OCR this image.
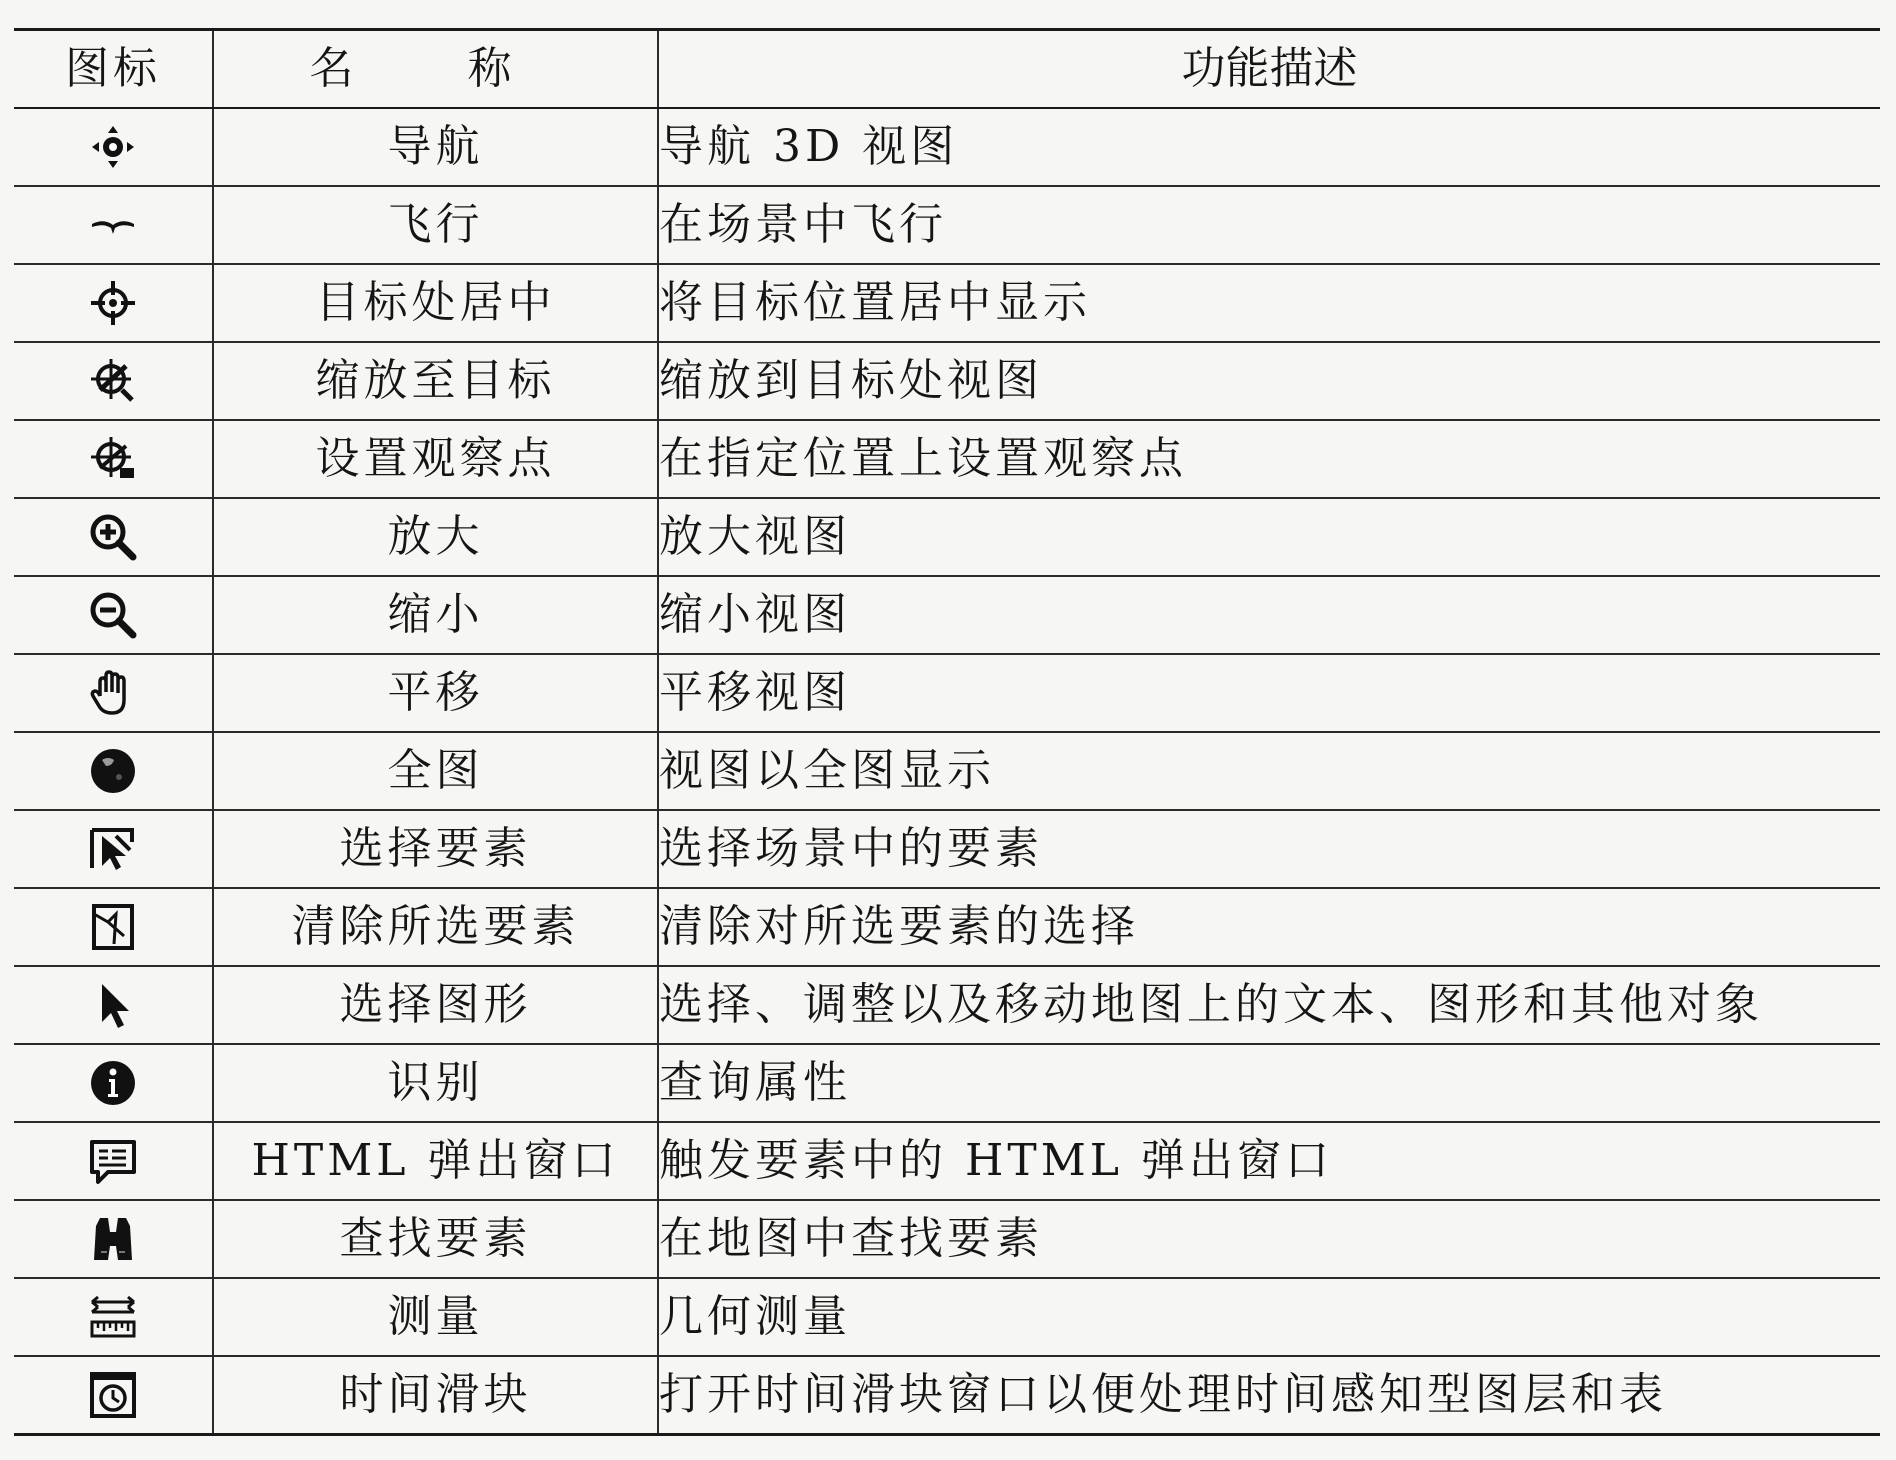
图标	名 称	功能描述

	导航	导航 3D 视图

	飞行	在场景中飞行

	目标处居中	将目标位置居中显示

	缩放至目标	缩放到目标处视图

	设置观察点	在指定位置上设置观察点

	放大	放大视图

	缩小	缩小视图

	平移	平移视图

	全图	视图以全图显示

	选择要素	选择场景中的要素

	清除所选要素	清除对所选要素的选择

	选择图形	选择、调整以及移动地图上的文本、图形和其他对象

	识别	查询属性

	HTML 弹出窗口	触发要素中的 HTML 弹出窗口

	查找要素	在地图中查找要素

	测量	几何测量

	时间滑块	打开时间滑块窗口以便处理时间感知型图层和表
